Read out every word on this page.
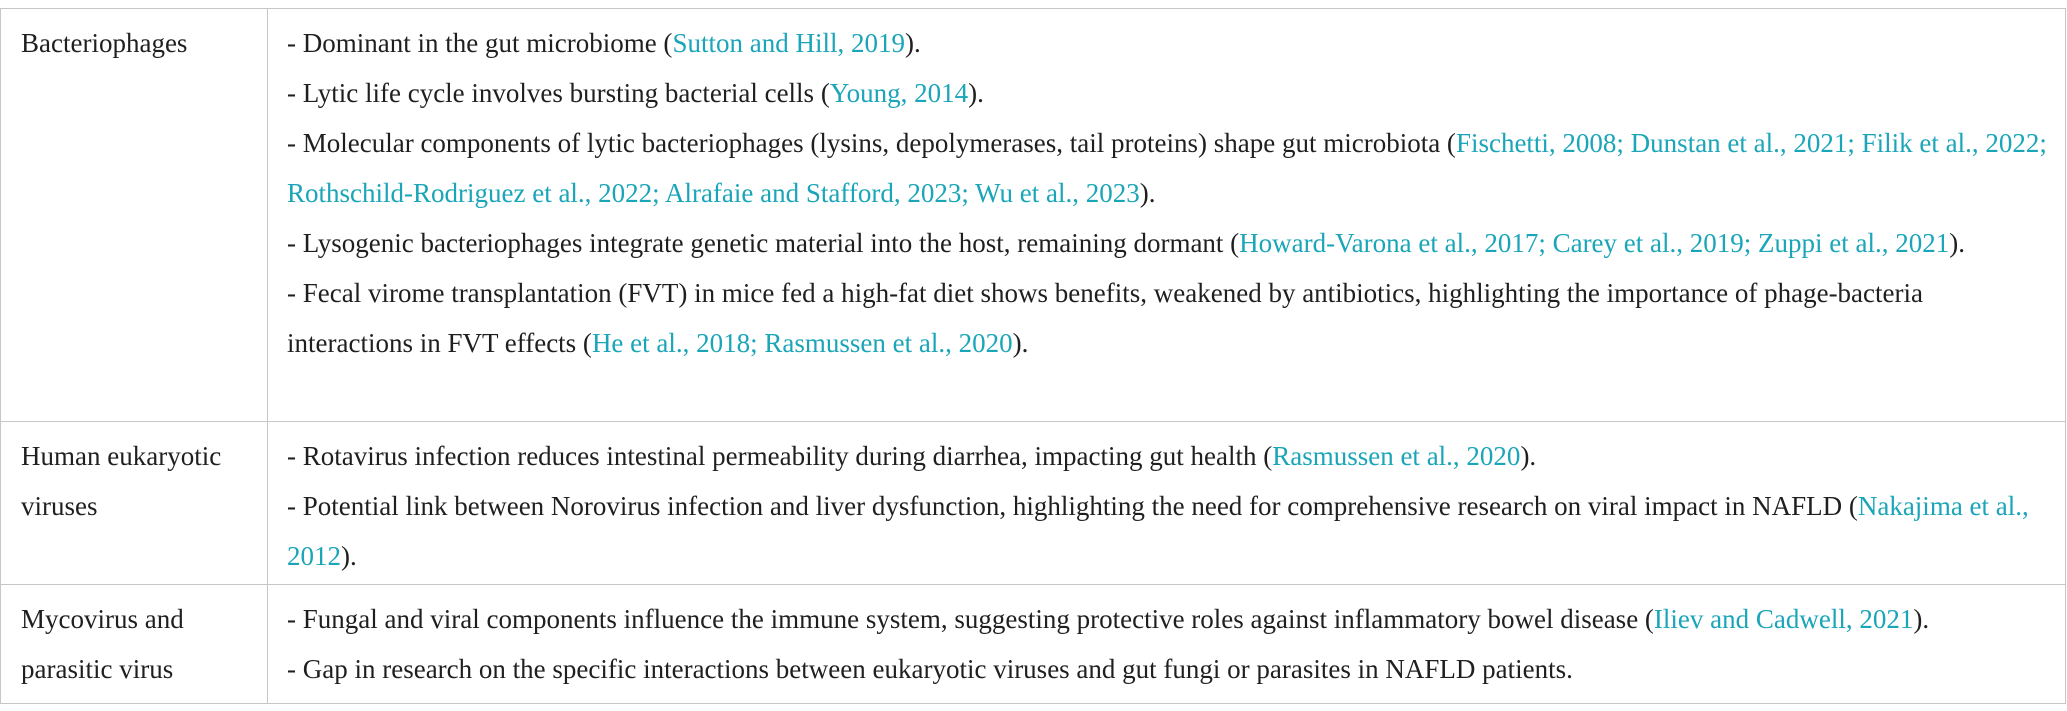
Bacteriophages	- Dominant in the gut microbiome (Sutton and Hill, 2019).
- Lytic life cycle involves bursting bacterial cells (Young, 2014).
- Molecular components of lytic bacteriophages (lysins, depolymerases, tail proteins) shape gut microbiota (Fischetti, 2008; Dunstan et al., 2021; Filik et al., 2022; Rothschild-Rodriguez et al., 2022; Alrafaie and Stafford, 2023; Wu et al., 2023).
- Lysogenic bacteriophages integrate genetic material into the host, remaining dormant (Howard-Varona et al., 2017; Carey et al., 2019; Zuppi et al., 2021).
- Fecal virome transplantation (FVT) in mice fed a high-fat diet shows benefits, weakened by antibiotics, highlighting the importance of phage-bacteria interactions in FVT effects (He et al., 2018; Rasmussen et al., 2020).

Human eukaryotic viruses	- Rotavirus infection reduces intestinal permeability during diarrhea, impacting gut health (Rasmussen et al., 2020).
- Potential link between Norovirus infection and liver dysfunction, highlighting the need for comprehensive research on viral impact in NAFLD (Nakajima et al., 2012).

Mycovirus and parasitic virus	- Fungal and viral components influence the immune system, suggesting protective roles against inflammatory bowel disease (Iliev and Cadwell, 2021).
- Gap in research on the specific interactions between eukaryotic viruses and gut fungi or parasites in NAFLD patients.
